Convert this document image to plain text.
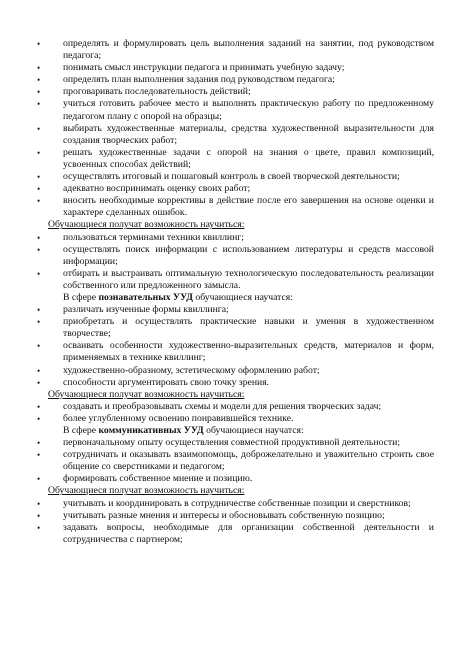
• определять и формулировать цель выполнения заданий на занятии, под руководством педагога;
• понимать смысл инструкции педагога и принимать учебную задачу;
• определять план выполнения задания под руководством педагога;
• проговаривать последовательность действий;
• учиться готовить рабочее место и выполнять практическую работу по предложенному педагогом плану с опорой на образцы;
• выбирать художественные материалы, средства художественной выразительности для создания творческих работ;
• решать художественные задачи с опорой на знания о цвете, правил композиций, усвоенных способах действий;
• осуществлять итоговый и пошаговый контроль в своей творческой деятельности;
• адекватно воспринимать оценку своих работ;
• вносить необходимые коррективы в действие после его завершения на основе оценки и характере сделанных ошибок.
Обучающиеся получат возможность научиться:
• пользоваться терминами техники квиллинг;
• осуществлять поиск информации с использованием литературы и средств массовой информации;
• отбирать и выстраивать оптимальную технологическую последовательность реализации собственного или предложенного замысла.
В сфере познавательных УУД обучающиеся научатся:
• различать изученные формы квиллинга;
• приобретать и осуществлять практические навыки и умения в художественном творчестве;
• осваивать особенности художественно-выразительных средств, материалов и форм, применяемых в технике квиллинг;
• художественно-образному, эстетическому оформлению работ;
• способности аргументировать свою точку зрения.
Обучающиеся получат возможность научиться:
• создавать и преобразовывать схемы и модели для решения творческих задач;
• более углубленному освоению понравившейся технике.
В сфере коммуникативных УУД обучающиеся научатся:
• первоначальному опыту осуществления совместной продуктивной деятельности;
• сотрудничать и оказывать взаимопомощь, доброжелательно и уважительно строить свое общение со сверстниками и педагогом;
• формировать собственное мнение и позицию.
Обучающиеся получат возможность научиться:
• учитывать и координировать в сотрудничестве собственные позиции и сверстников;
• учитывать разные мнения и интересы и обосновывать собственную позицию;
• задавать вопросы, необходимые для организации собственной деятельности и сотрудничества с партнером;
